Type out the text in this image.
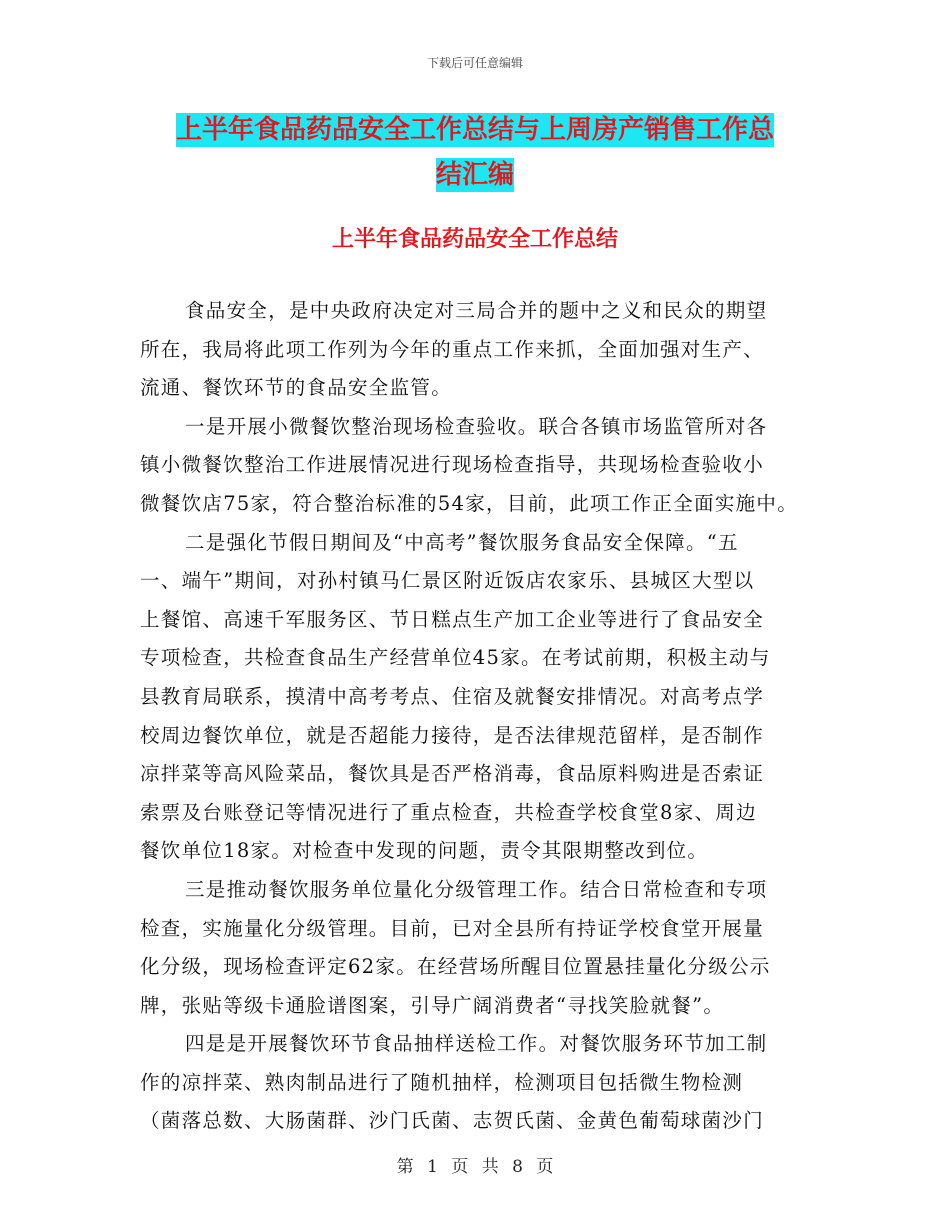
下载后可任意编辑
上半年食品药品安全工作总结与上周房产销售工作总
结汇编
上半年食品药品安全工作总结
食品安全，是中央政府决定对三局合并的题中之义和民众的期望
所在，我局将此项工作列为今年的重点工作来抓，全面加强对生产、
流通、餐饮环节的食品安全监管。
一是开展小微餐饮整治现场检查验收。联合各镇市场监管所对各
镇小微餐饮整治工作进展情况进行现场检查指导，共现场检查验收小
微餐饮店75家，符合整治标准的54家，目前，此项工作正全面实施中。
二是强化节假日期间及“中高考”餐饮服务食品安全保障。“五
一、端午”期间，对孙村镇马仁景区附近饭店农家乐、县城区大型以
上餐馆、高速千军服务区、节日糕点生产加工企业等进行了食品安全
专项检查，共检查食品生产经营单位45家。在考试前期，积极主动与
县教育局联系，摸清中高考考点、住宿及就餐安排情况。对高考点学
校周边餐饮单位，就是否超能力接待，是否法律规范留样，是否制作
凉拌菜等高风险菜品，餐饮具是否严格消毒，食品原料购进是否索证
索票及台账登记等情况进行了重点检查，共检查学校食堂8家、周边
餐饮单位18家。对检查中发现的问题，责令其限期整改到位。
三是推动餐饮服务单位量化分级管理工作。结合日常检查和专项
检查，实施量化分级管理。目前，已对全县所有持证学校食堂开展量
化分级，现场检查评定62家。在经营场所醒目位置悬挂量化分级公示
牌，张贴等级卡通脸谱图案，引导广阔消费者“寻找笑脸就餐”。
四是是开展餐饮环节食品抽样送检工作。对餐饮服务环节加工制
作的凉拌菜、熟肉制品进行了随机抽样，检测项目包括微生物检测
（菌落总数、大肠菌群、沙门氏菌、志贺氏菌、金黄色葡萄球菌沙门
第 1 页 共 8 页
